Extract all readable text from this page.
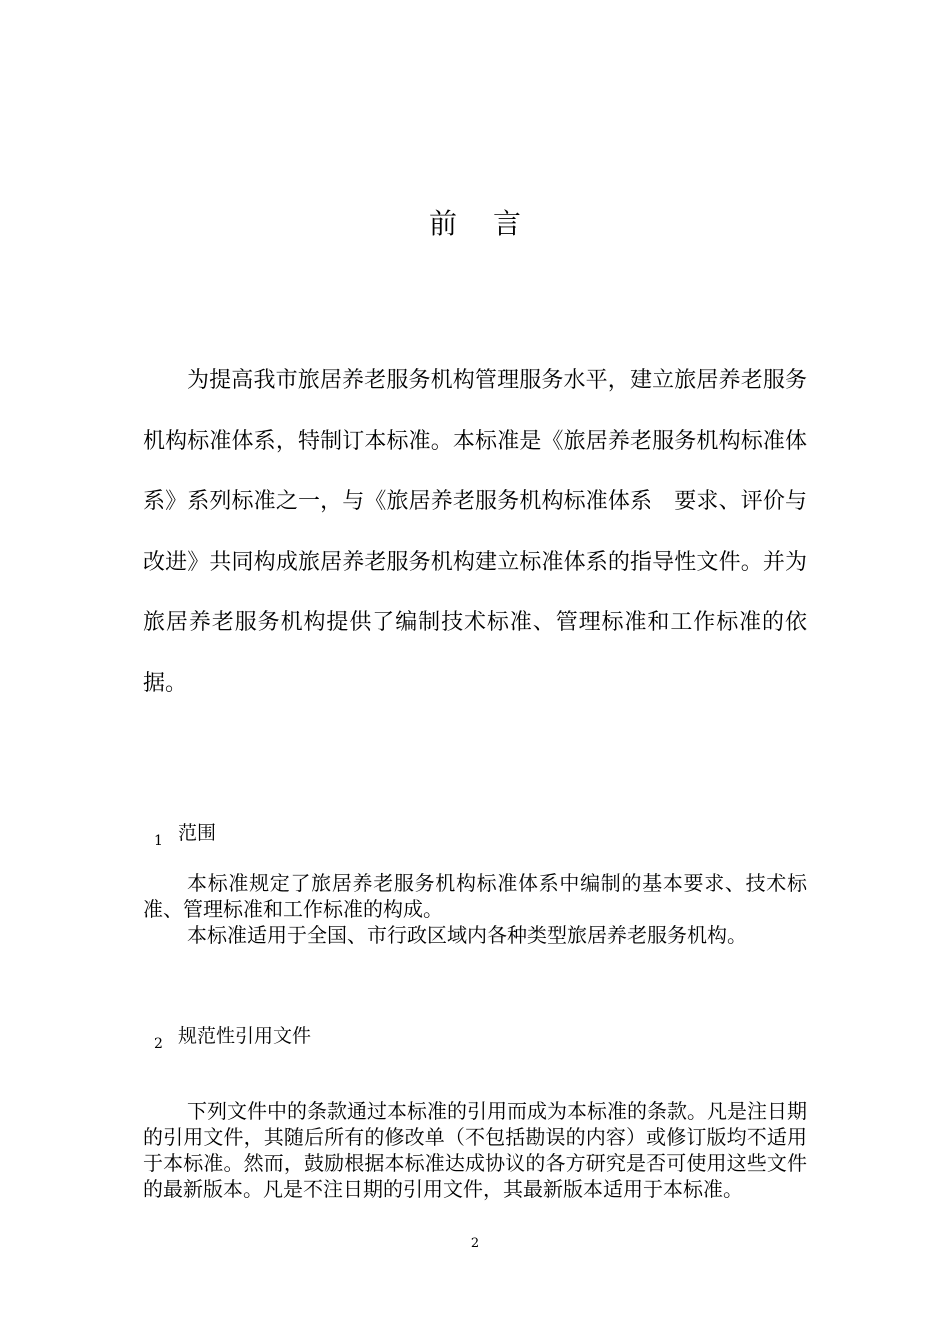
前言

为提高我市旅居养老服务机构管理服务水平，建立旅居养老服务机构标准体系，特制订本标准。本标准是《旅居养老服务机构标准体系》系列标准之一，与《旅居养老服务机构标准体系　要求、评价与改进》共同构成旅居养老服务机构建立标准体系的指导性文件。并为旅居养老服务机构提供了编制技术标准、管理标准和工作标准的依据。

1 范围

本标准规定了旅居养老服务机构标准体系中编制的基本要求、技术标准、管理标准和工作标准的构成。

本标准适用于全国、市行政区域内各种类型旅居养老服务机构。

2 规范性引用文件

下列文件中的条款通过本标准的引用而成为本标准的条款。凡是注日期的引用文件，其随后所有的修改单（不包括勘误的内容）或修订版均不适用于本标准。然而，鼓励根据本标准达成协议的各方研究是否可使用这些文件的最新版本。凡是不注日期的引用文件，其最新版本适用于本标准。

2
